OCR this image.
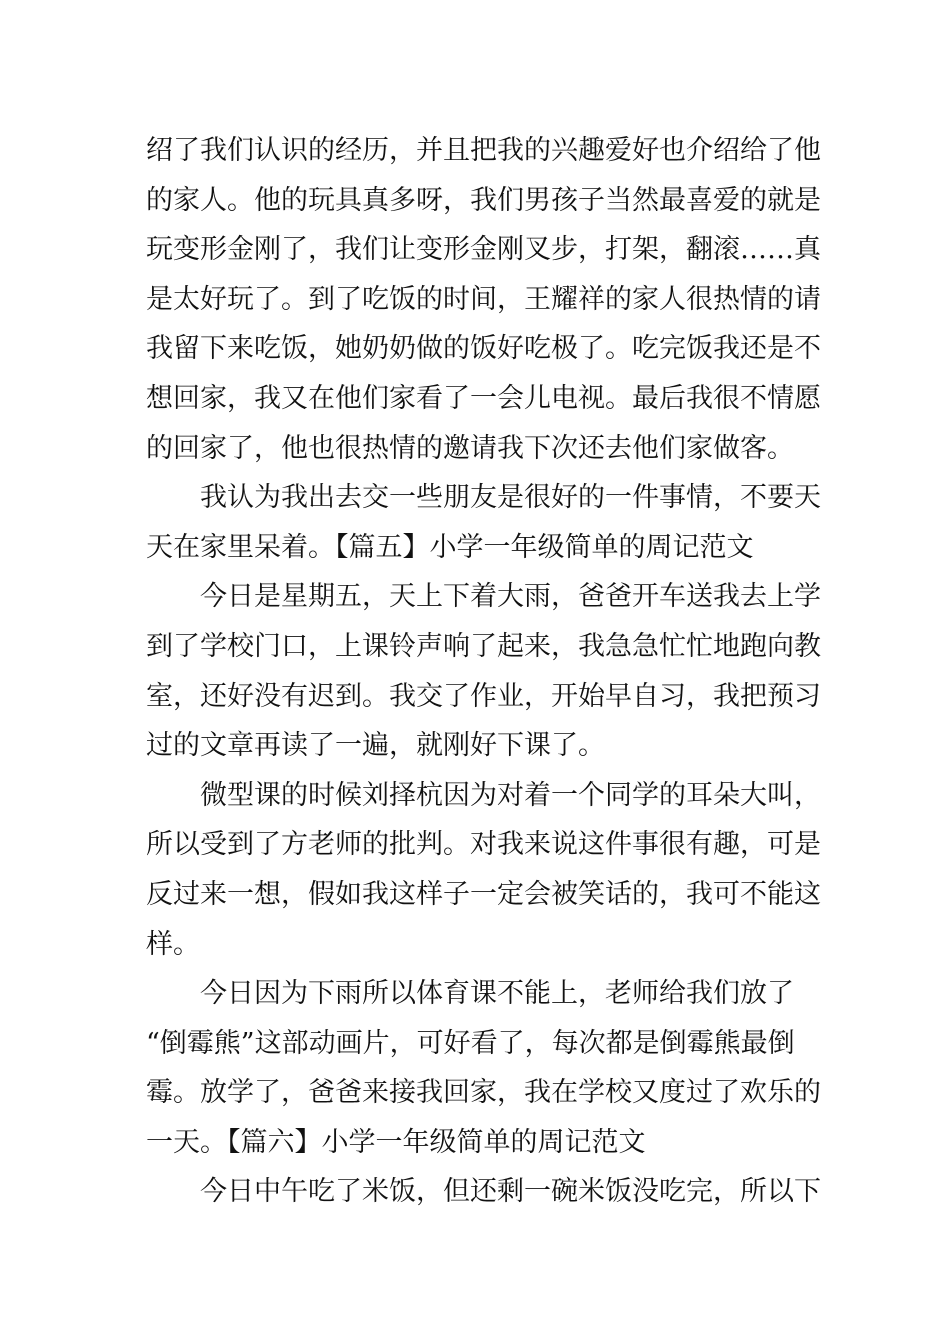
绍了我们认识的经历，并且把我的兴趣爱好也介绍给了他
的家人。他的玩具真多呀，我们男孩子当然最喜爱的就是
玩变形金刚了，我们让变形金刚叉步，打架，翻滚……真
是太好玩了。到了吃饭的时间，王耀祥的家人很热情的请
我留下来吃饭，她奶奶做的饭好吃极了。吃完饭我还是不
想回家，我又在他们家看了一会儿电视。最后我很不情愿
的回家了，他也很热情的邀请我下次还去他们家做客。

我认为我出去交一些朋友是很好的一件事情，不要天
天在家里呆着。【篇五】小学一年级简单的周记范文

今日是星期五，天上下着大雨，爸爸开车送我去上学
到了学校门口，上课铃声响了起来，我急急忙忙地跑向教
室，还好没有迟到。我交了作业，开始早自习，我把预习
过的文章再读了一遍，就刚好下课了。

微型课的时候刘择杭因为对着一个同学的耳朵大叫，
所以受到了方老师的批判。对我来说这件事很有趣，可是
反过来一想，假如我这样子一定会被笑话的，我可不能这
样。

今日因为下雨所以体育课不能上，老师给我们放了
“倒霉熊”这部动画片，可好看了，每次都是倒霉熊最倒
霉。放学了，爸爸来接我回家，我在学校又度过了欢乐的
一天。【篇六】小学一年级简单的周记范文

今日中午吃了米饭，但还剩一碗米饭没吃完，所以下
